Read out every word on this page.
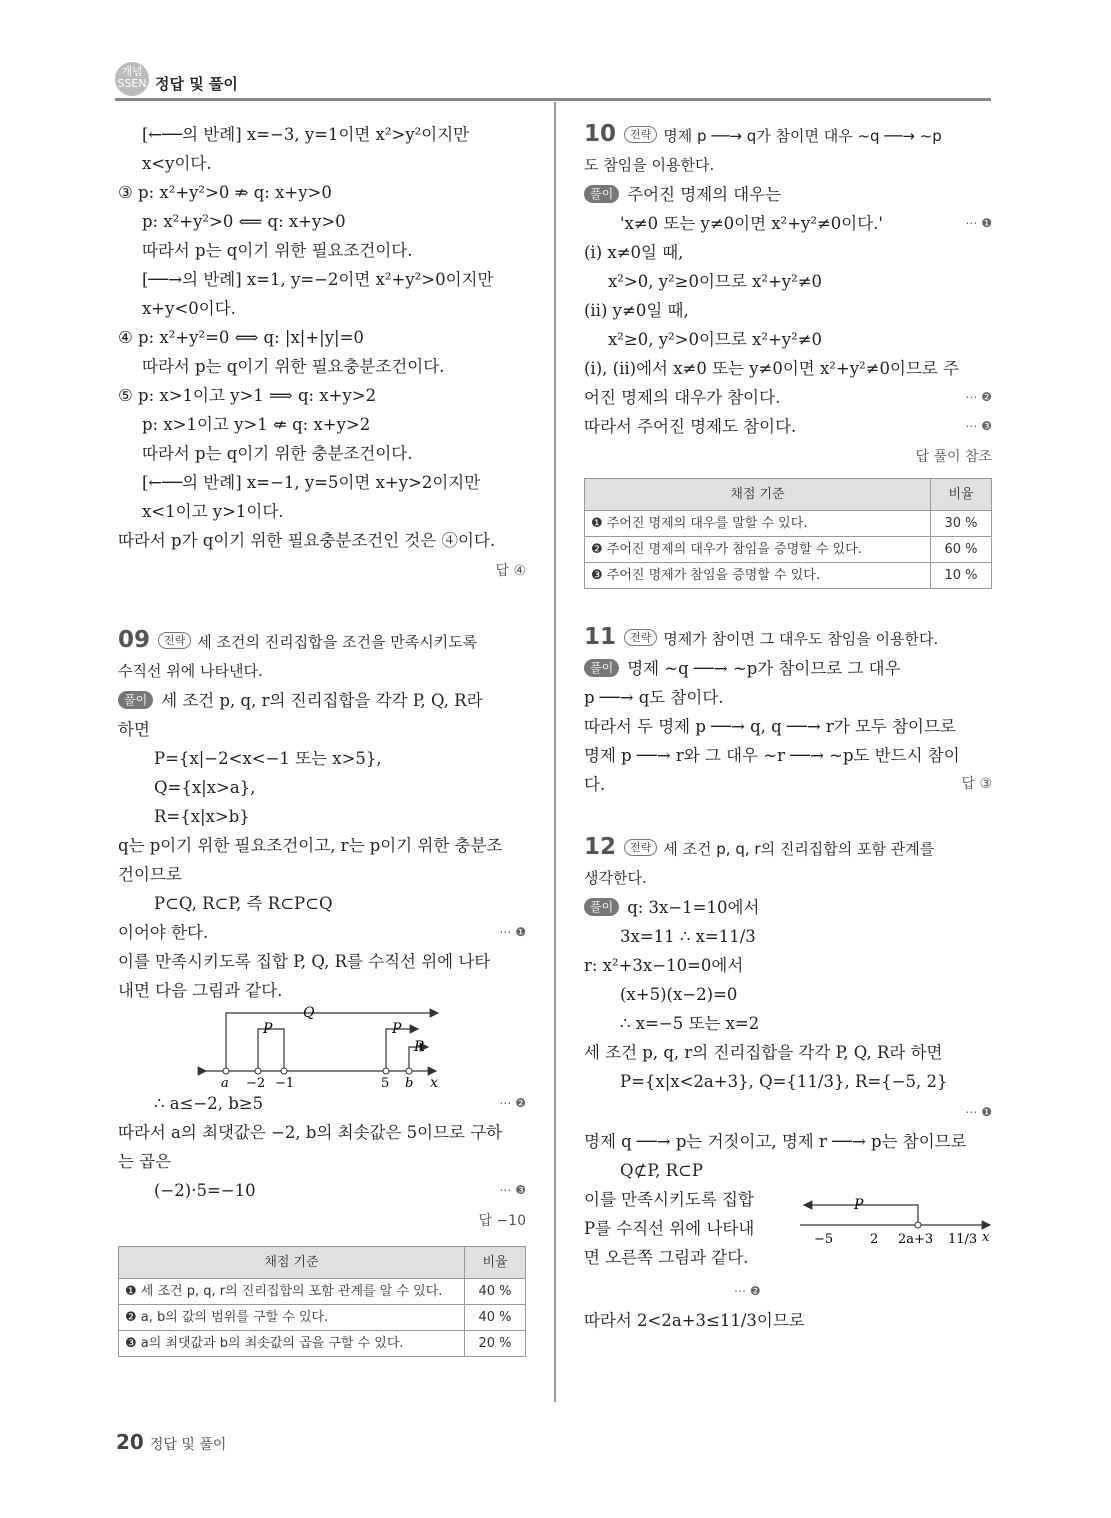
개념 SSEN 정답 및 풀이

[←──의 반례] x=−3, y=1이면 x²>y²이지만

x<y이다.

③ p: x²+y²>0 ⇏ q: x+y>0

p: x²+y²>0 ⟸ q: x+y>0

따라서 p는 q이기 위한 필요조건이다.

[──→의 반례] x=1, y=−2이면 x²+y²>0이지만

x+y<0이다.

④ p: x²+y²=0 ⟺ q: |x|+|y|=0

따라서 p는 q이기 위한 필요충분조건이다.

⑤ p: x>1이고 y>1 ⟹ q: x+y>2

p: x>1이고 y>1 ⇍ q: x+y>2

따라서 p는 q이기 위한 충분조건이다.

[←──의 반례] x=−1, y=5이면 x+y>2이지만

x<1이고 y>1이다.

따라서 p가 q이기 위한 필요충분조건인 것은 ④이다.

답 ④

09 전략 세 조건의 진리집합을 조건을 만족시키도록

수직선 위에 나타낸다.

풀이 세 조건 p, q, r의 진리집합을 각각 P, Q, R라

하면

P={x|−2<x<−1 또는 x>5},

Q={x|x>a},

R={x|x>b}

q는 p이기 위한 필요조건이고, r는 p이기 위한 충분조

건이므로

P⊂Q, R⊂P, 즉 R⊂P⊂Q

이어야 한다.	⋯ ❶

이를 만족시키도록 집합 P, Q, R를 수직선 위에 나타

내면 다음 그림과 같다.

Q
P	P
R
x
a −2 −1	5 b

∴ a≤−2, b≥5	⋯ ❷

따라서 a의 최댓값은 −2, b의 최솟값은 5이므로 구하

는 곱은

(−2)·5=−10	⋯ ❸

답 −10

채점 기준	비율
❶ 세 조건 p, q, r의 진리집합의 포함 관계를 알 수 있다.	40 %
❷ a, b의 값의 범위를 구할 수 있다.	40 %
❸ a의 최댓값과 b의 최솟값의 곱을 구할 수 있다.	20 %

10 전략 명제 p ──→ q가 참이면 대우 ~q ──→ ~p

도 참임을 이용한다.

풀이 주어진 명제의 대우는

'x≠0 또는 y≠0이면 x²+y²≠0이다.'	⋯ ❶

(ⅰ) x≠0일 때,

x²>0, y²≥0이므로 x²+y²≠0

(ⅱ) y≠0일 때,

x²≥0, y²>0이므로 x²+y²≠0

(ⅰ), (ⅱ)에서 x≠0 또는 y≠0이면 x²+y²≠0이므로 주

어진 명제의 대우가 참이다.	⋯ ❷

따라서 주어진 명제도 참이다.	⋯ ❸

답 풀이 참조

채점 기준	비율
❶ 주어진 명제의 대우를 말할 수 있다.	30 %
❷ 주어진 명제의 대우가 참임을 증명할 수 있다.	60 %
❸ 주어진 명제가 참임을 증명할 수 있다.	10 %

11 전략 명제가 참이면 그 대우도 참임을 이용한다.

풀이 명제 ~q ──→ ~p가 참이므로 그 대우

p ──→ q도 참이다.

따라서 두 명제 p ──→ q, q ──→ r가 모두 참이므로

명제 p ──→ r와 그 대우 ~r ──→ ~p도 반드시 참이

다.	답 ③

12 전략 세 조건 p, q, r의 진리집합의 포함 관계를

생각한다.

풀이 q: 3x−1=10에서

3x=11 ∴ x=11/3

r: x²+3x−10=0에서

(x+5)(x−2)=0

∴ x=−5 또는 x=2

세 조건 p, q, r의 진리집합을 각각 P, Q, R라 하면

P={x|x<2a+3}, Q={11/3}, R={−5, 2}

⋯ ❶

명제 q ──→ p는 거짓이고, 명제 r ──→ p는 참이므로

Q⊄P, R⊂P

이를 만족시키도록 집합

P를 수직선 위에 나타내

면 오른쪽 그림과 같다.

P
x
−5	2 2a+3 11/3

⋯ ❷

따라서 2<2a+3≤11/3이므로

20 정답 및 풀이
